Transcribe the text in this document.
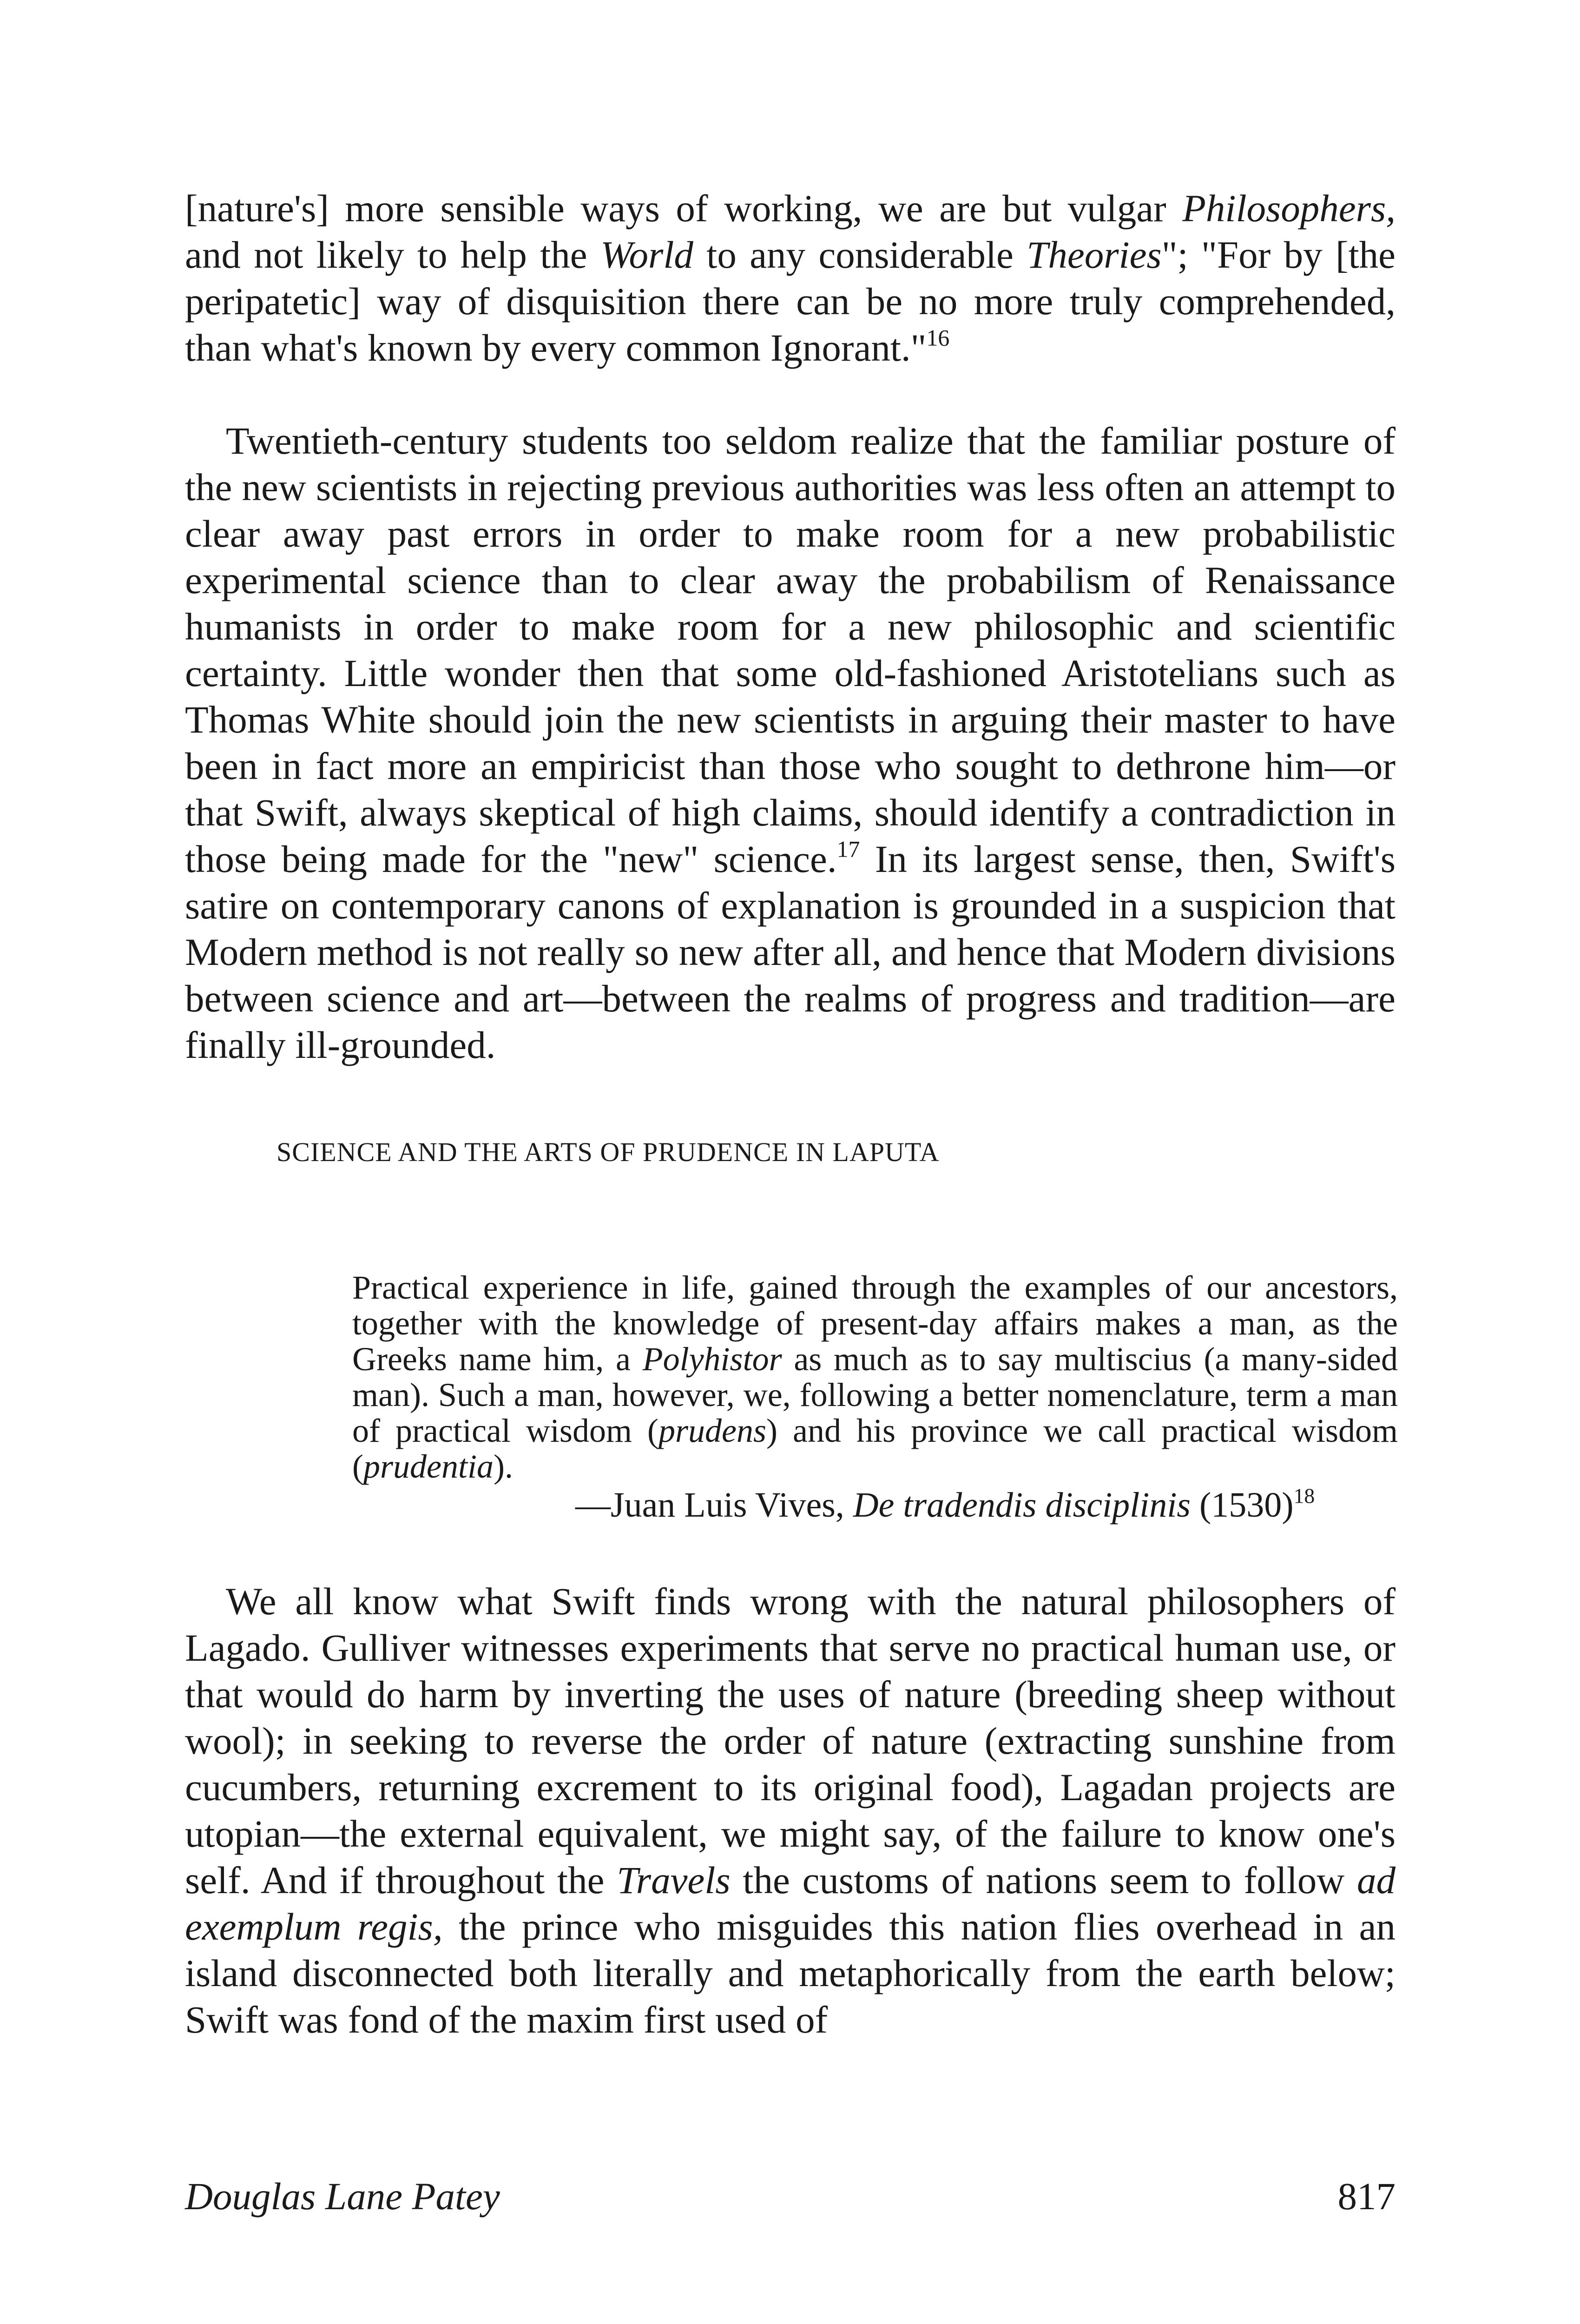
[nature's] more sensible ways of working, we are but vulgar Philosophers, and not likely to help the World to any considerable Theories"; "For by [the peripatetic] way of disquisition there can be no more truly comprehended, than what's known by every common Ignorant."$^{16}$

Twentieth-century students too seldom realize that the familiar posture of the new scientists in rejecting previous authorities was less often an attempt to clear away past errors in order to make room for a new probabilistic experimental science than to clear away the probabilism of Renaissance humanists in order to make room for a new philosophic and scientific certainty. Little wonder then that some old-fashioned Aristotelians such as Thomas White should join the new scientists in arguing their master to have been in fact more an empiricist than those who sought to dethrone him—or that Swift, always skeptical of high claims, should identify a contradiction in those being made for the "new" science.$^{17}$ In its largest sense, then, Swift's satire on contemporary canons of explanation is grounded in a suspicion that Modern method is not really so new after all, and hence that Modern divisions between science and art—between the realms of progress and tradition—are finally ill-grounded.

SCIENCE AND THE ARTS OF PRUDENCE IN LAPUTA

Practical experience in life, gained through the examples of our ancestors, together with the knowledge of present-day affairs makes a man, as the Greeks name him, a Polyhistor as much as to say multiscius (a many-sided man). Such a man, however, we, following a better nomenclature, term a man of practical wisdom (prudens) and his province we call practical wisdom (prudentia).

—Juan Luis Vives, De tradendis disciplinis $(1530)^{18}$

We all know what Swift finds wrong with the natural philosophers of Lagado. Gulliver witnesses experiments that serve no practical human use, or that would do harm by inverting the uses of nature (breeding sheep without wool); in seeking to reverse the order of nature (extracting sunshine from cucumbers, returning excrement to its original food), Lagadan projects are utopian—the external equivalent, we might say, of the failure to know one's self. And if throughout the Travels the customs of nations seem to follow ad exemplum regis, the prince who misguides this nation flies overhead in an island disconnected both literally and metaphorically from the earth below; Swift was fond of the maxim first used of

Douglas Lane Patey	817
